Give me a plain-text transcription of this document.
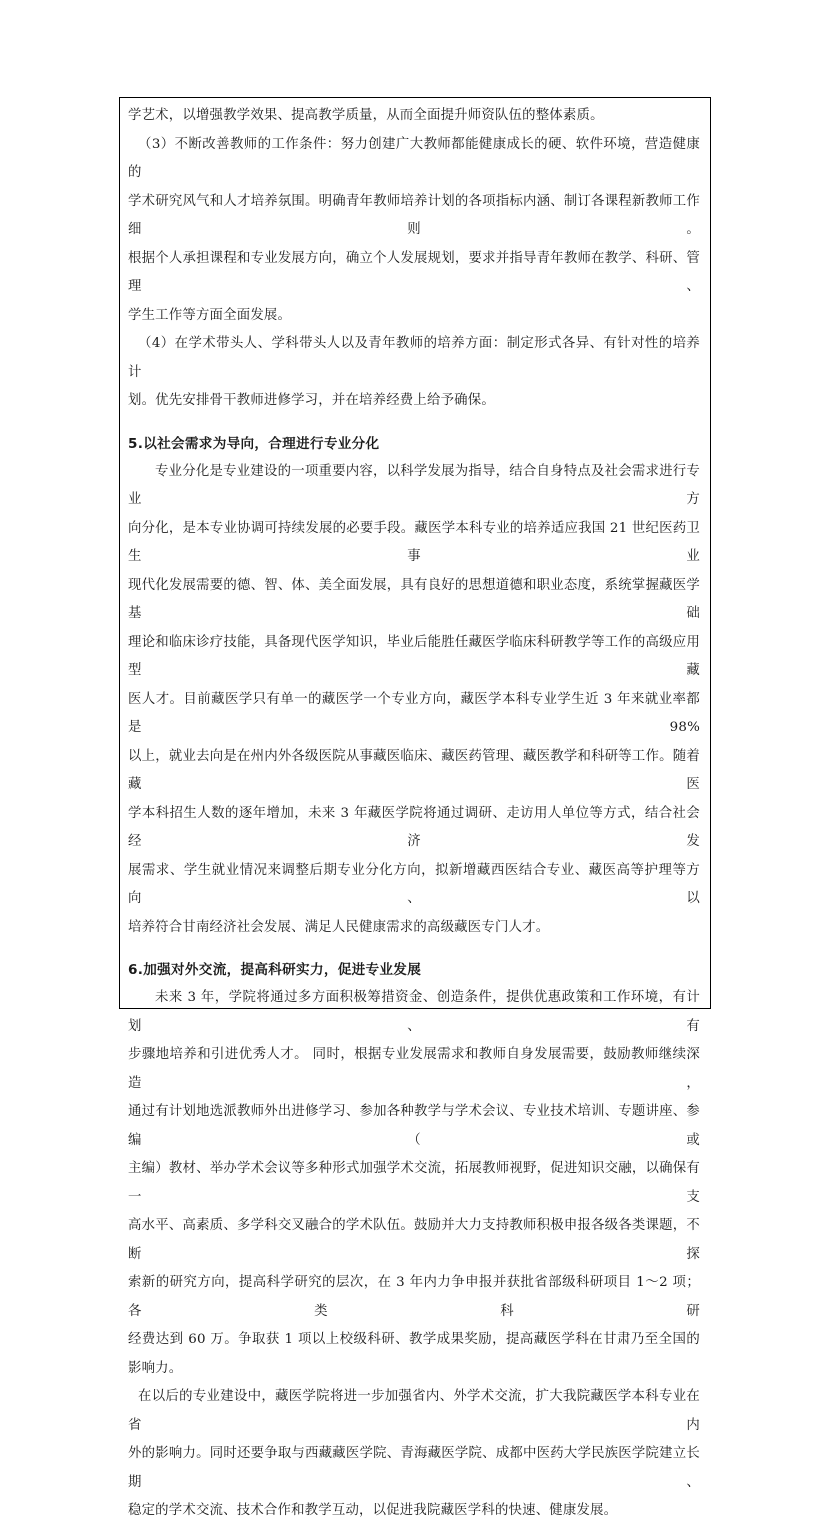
学艺术，以增强教学效果、提高教学质量，从而全面提升师资队伍的整体素质。

（3）不断改善教师的工作条件：努力创建广大教师都能健康成长的硬、软件环境，营造健康的

学术研究风气和人才培养氛围。明确青年教师培养计划的各项指标内涵、制订各课程新教师工作细则。

根据个人承担课程和专业发展方向，确立个人发展规划，要求并指导青年教师在教学、科研、管理、

学生工作等方面全面发展。

（4）在学术带头人、学科带头人以及青年教师的培养方面：制定形式各异、有针对性的培养计

划。优先安排骨干教师进修学习，并在培养经费上给予确保。

5.以社会需求为导向，合理进行专业分化

专业分化是专业建设的一项重要内容，以科学发展为指导，结合自身特点及社会需求进行专业方

向分化，是本专业协调可持续发展的必要手段。藏医学本科专业的培养适应我国 21 世纪医药卫生事业

现代化发展需要的德、智、体、美全面发展，具有良好的思想道德和职业态度，系统掌握藏医学基础

理论和临床诊疗技能，具备现代医学知识，毕业后能胜任藏医学临床科研教学等工作的高级应用型藏

医人才。目前藏医学只有单一的藏医学一个专业方向，藏医学本科专业学生近 3 年来就业率都是 98%

以上，就业去向是在州内外各级医院从事藏医临床、藏医药管理、藏医教学和科研等工作。随着藏医

学本科招生人数的逐年增加，未来 3 年藏医学院将通过调研、走访用人单位等方式，结合社会经济发

展需求、学生就业情况来调整后期专业分化方向，拟新增藏西医结合专业、藏医高等护理等方向、以

培养符合甘南经济社会发展、满足人民健康需求的高级藏医专门人才。

6.加强对外交流，提高科研实力，促进专业发展

未来 3 年，学院将通过多方面积极筹措资金、创造条件，提供优惠政策和工作环境，有计划、有

步骤地培养和引进优秀人才。 同时，根据专业发展需求和教师自身发展需要，鼓励教师继续深造，

通过有计划地选派教师外出进修学习、参加各种教学与学术会议、专业技术培训、专题讲座、参编（或

主编）教材、举办学术会议等多种形式加强学术交流，拓展教师视野，促进知识交融，以确保有一支

高水平、高素质、多学科交叉融合的学术队伍。鼓励并大力支持教师积极申报各级各类课题，不断探

索新的研究方向，提高科学研究的层次，在 3 年内力争申报并获批省部级科研项目 1～2 项；各类科研

经费达到 60 万。争取获 1 项以上校级科研、教学成果奖励，提高藏医学科在甘肃乃至全国的影响力。

在以后的专业建设中，藏医学院将进一步加强省内、外学术交流，扩大我院藏医学本科专业在省内

外的影响力。同时还要争取与西藏藏医学院、青海藏医学院、成都中医药大学民族医学院建立长期、

稳定的学术交流、技术合作和教学互动，以促进我院藏医学科的快速、健康发展。
